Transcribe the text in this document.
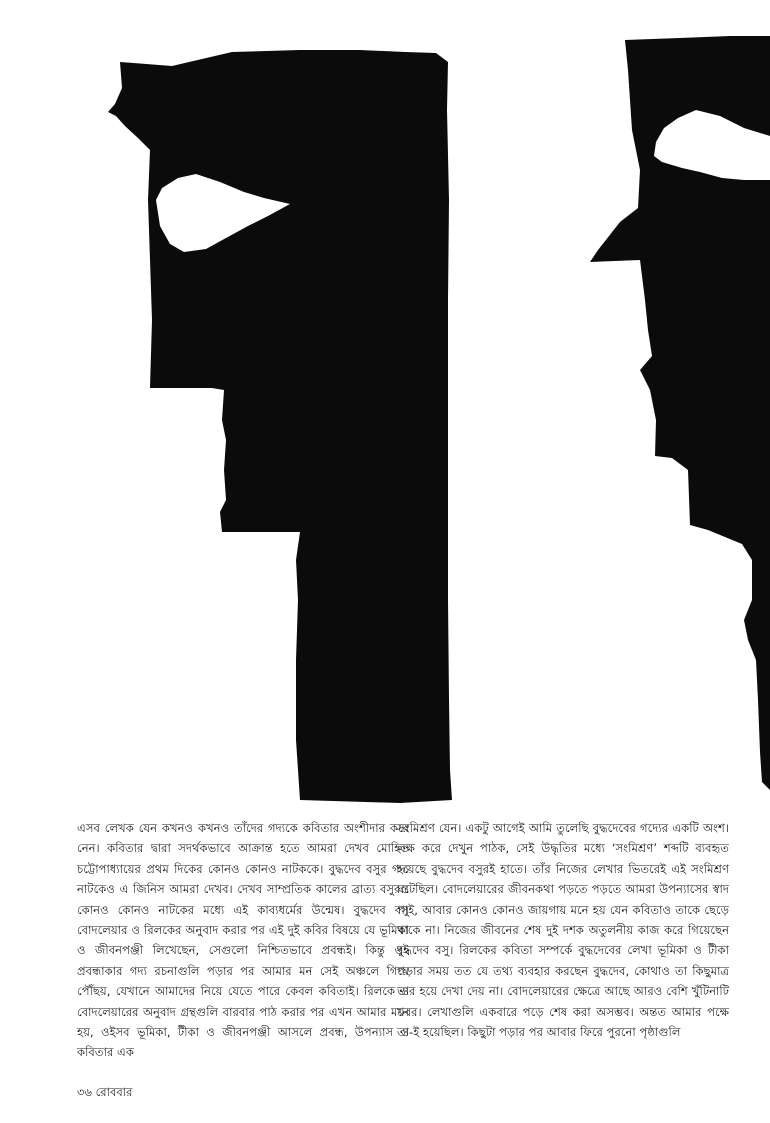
এসব লেখক যেন কখনও কখনও তাঁদের গদ্যকে কবিতার অংশীদার করে নেন। কবিতার দ্বারা সদর্থকভাবে আক্রান্ত হতে আমরা দেখব মোহিত চট্টোপাধ্যায়ের প্রথম দিকের কোনও কোনও নাটককে। বুদ্ধদেব বসুর গদ্য নাটকেও এ জিনিস আমরা দেখব। দেখব সাম্প্রতিক কালের ব্রাত্য বসুরও কোনও কোনও নাটকের মধ্যে এই কাব্যধর্মের উন্মেষ। বুদ্ধদেব বসু বোদলেয়ার ও রিলকের অনুবাদ করার পর এই দুই কবির বিষয়ে যে ভূমিকা ও জীবনপঞ্জী লিখেছেন, সেগুলো নিশ্চিতভাবে প্রবন্ধই। কিন্তু ওই প্রবন্ধাকার গদ্য রচনাগুলি পড়ার পর আমার মন সেই অঞ্চলে গিয়ে পৌঁছয়, যেখানে আমাদের নিয়ে যেতে পারে কেবল কবিতাই। রিলকে ও বোদলেয়ারের অনুবাদ গ্রন্থগুলি বারবার পাঠ করার পর এখন আমার মনে হয়, ওইসব ভূমিকা, টীকা ও জীবনপঞ্জী আসলে প্রবন্ধ, উপন্যাস ও কবিতার এক

সংমিশ্রণ যেন। একটু আগেই আমি তুলেছি বুদ্ধদেবের গদ্যের একটি অংশ। লক্ষ করে দেখুন পাঠক, সেই উদ্ধৃতির মধ্যে ‘সংমিশ্রণ’ শব্দটি ব্যবহৃত হয়েছে বুদ্ধদেব বসুরই হাতে। তাঁর নিজের লেখার ভিতরেই এই সংমিশ্রণ ঘটেছিল। বোদলেয়ারের জীবনকথা পড়তে পড়তে আমরা উপন্যাসের স্বাদ পাই, আবার কোনও কোনও জায়গায় মনে হয় যেন কবিতাও তাকে ছেড়ে থাকে না। নিজের জীবনের শেষ দুই দশক অতুলনীয় কাজ করে গিয়েছেন বুদ্ধদেব বসু। রিলকের কবিতা সম্পর্কে বুদ্ধদেবের লেখা ভূমিকা ও টীকা পড়ার সময় তত যে তথ্য ব্যবহার করছেন বুদ্ধদেব, কোথাও তা কিছুমাত্র ভার হয়ে দেখা দেয় না। বোদলেয়ারের ক্ষেত্রে আছে আরও বেশি খুঁটিনাটি খবর। লেখাগুলি একবারে পড়ে শেষ করা অসম্ভব। অন্তত আমার পক্ষে তা-ই হয়েছিল। কিছুটা পড়ার পর আবার ফিরে পুরনো পৃষ্ঠাগুলি

৩৬ রোববার
